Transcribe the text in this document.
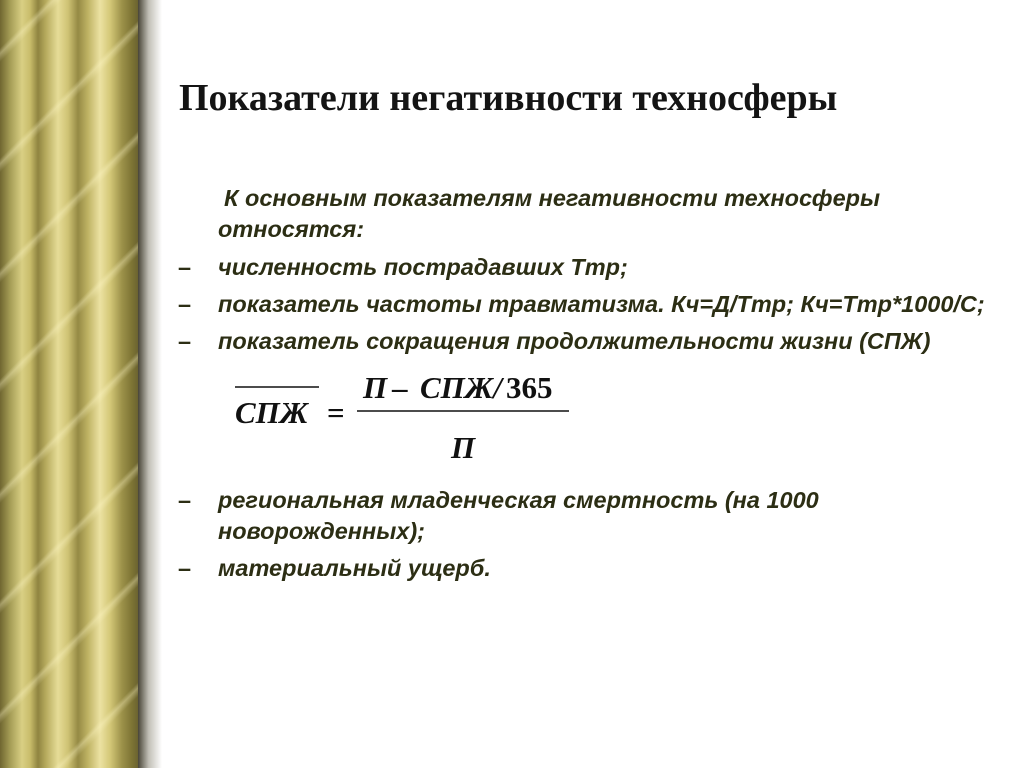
Показатели негативности техносферы

К основным показателям негативности техносферы относятся:

– численность пострадавших Тmр;
– показатель частоты травматизма. Кч=Д/Тmр; Кч=Тmр*1000/С;
– показатель сокращения продолжительности жизни (СПЖ)
СПЖ =
П – СПЖ/ 365
П
– региональная младенческая смертность (на 1000 новорожденных);
– материальный ущерб.
